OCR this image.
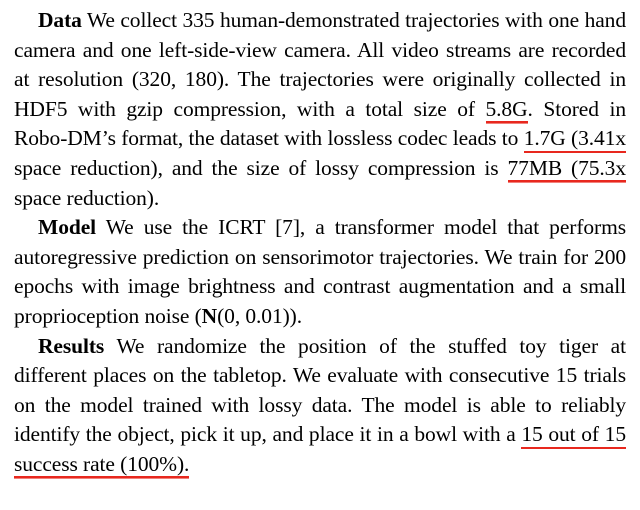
Data We collect 335 human-demonstrated trajectories with one hand camera and one left-side-view camera. All video streams are recorded at resolution (320, 180). The trajectories were originally collected in HDF5 with gzip compression, with a total size of 5.8G. Stored in Robo-DM’s format, the dataset with lossless codec leads to 1.7G (3.41x space reduction), and the size of lossy compression is 77MB (75.3x space reduction).

Model We use the ICRT [7], a transformer model that performs autoregressive prediction on sensorimotor trajectories. We train for 200 epochs with image brightness and contrast augmentation and a small proprioception noise (N(0, 0.01)).

Results We randomize the position of the stuffed toy tiger at different places on the tabletop. We evaluate with consecutive 15 trials on the model trained with lossy data. The model is able to reliably identify the object, pick it up, and place it in a bowl with a 15 out of 15 success rate (100%).
